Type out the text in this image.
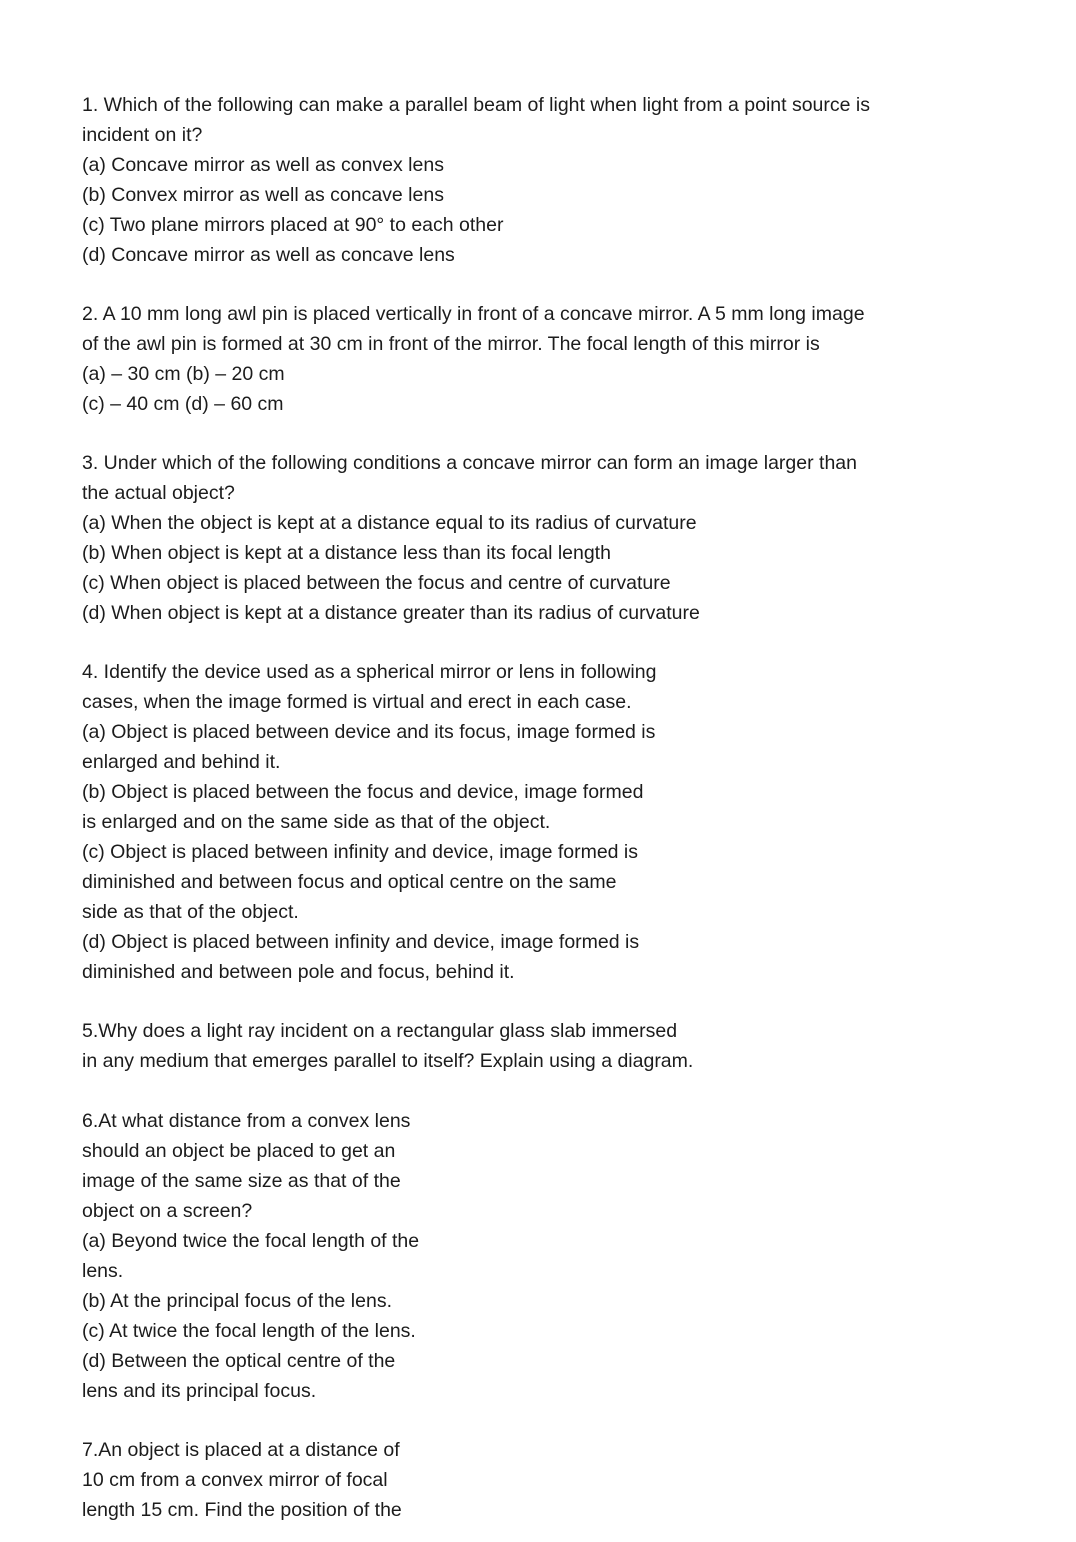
1. Which of the following can make a parallel beam of light when light from a point source is
incident on it?
(a) Concave mirror as well as convex lens
(b) Convex mirror as well as concave lens
(c) Two plane mirrors placed at 90° to each other
(d) Concave mirror as well as concave lens
2. A 10 mm long awl pin is placed vertically in front of a concave mirror. A 5 mm long image
of the awl pin is formed at 30 cm in front of the mirror. The focal length of this mirror is
(a) – 30 cm (b) – 20 cm
(c) – 40 cm (d) – 60 cm
3. Under which of the following conditions a concave mirror can form an image larger than
the actual object?
(a) When the object is kept at a distance equal to its radius of curvature
(b) When object is kept at a distance less than its focal length
(c) When object is placed between the focus and centre of curvature
(d) When object is kept at a distance greater than its radius of curvature
4. Identify the device used as a spherical mirror or lens in following
cases, when the image formed is virtual and erect in each case.
(a) Object is placed between device and its focus, image formed is
enlarged and behind it.
(b) Object is placed between the focus and device, image formed
is enlarged and on the same side as that of the object.
(c) Object is placed between infinity and device, image formed is
diminished and between focus and optical centre on the same
side as that of the object.
(d) Object is placed between infinity and device, image formed is
diminished and between pole and focus, behind it.
5.Why does a light ray incident on a rectangular glass slab immersed
in any medium that emerges parallel to itself? Explain using a diagram.
6.At what distance from a convex lens
should an object be placed to get an
image of the same size as that of the
object on a screen?
(a) Beyond twice the focal length of the
lens.
(b) At the principal focus of the lens.
(c) At twice the focal length of the lens.
(d) Between the optical centre of the
lens and its principal focus.
7.An object is placed at a distance of
10 cm from a convex mirror of focal
length 15 cm. Find the position of the
